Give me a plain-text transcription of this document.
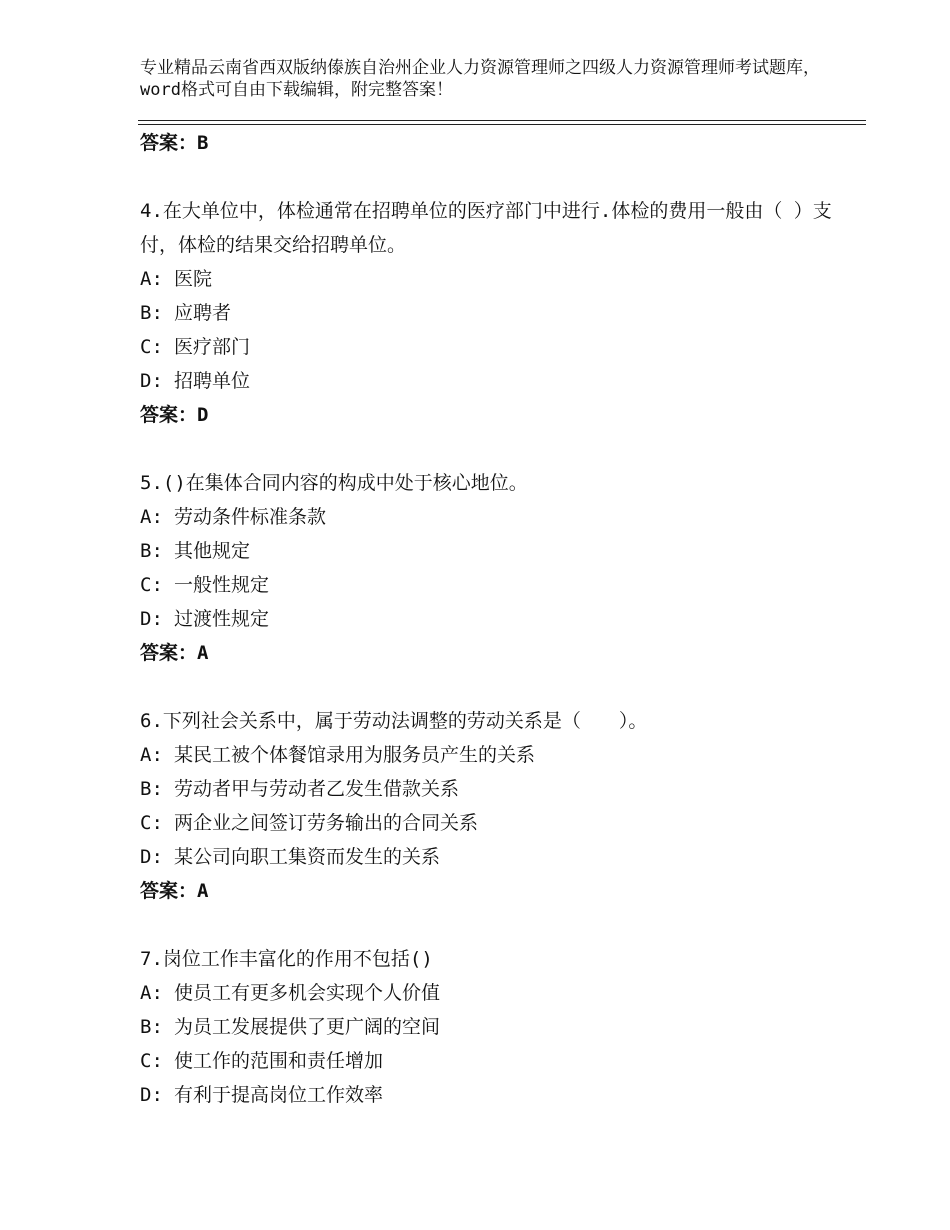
专业精品云南省西双版纳傣族自治州企业人力资源管理师之四级人力资源管理师考试题库，word格式可自由下载编辑，附完整答案！

答案：B

4.在大单位中，体检通常在招聘单位的医疗部门中进行.体检的费用一般由（ ）支付，体检的结果交给招聘单位。

A: 医院

B: 应聘者

C: 医疗部门

D: 招聘单位

答案：D

5.()在集体合同内容的构成中处于核心地位。

A: 劳动条件标准条款

B: 其他规定

C: 一般性规定

D: 过渡性规定

答案：A

6.下列社会关系中，属于劳动法调整的劳动关系是（　　）。

A: 某民工被个体餐馆录用为服务员产生的关系

B: 劳动者甲与劳动者乙发生借款关系

C: 两企业之间签订劳务输出的合同关系

D: 某公司向职工集资而发生的关系

答案：A

7.岗位工作丰富化的作用不包括()

A: 使员工有更多机会实现个人价值

B: 为员工发展提供了更广阔的空间

C: 使工作的范围和责任增加

D: 有利于提高岗位工作效率
